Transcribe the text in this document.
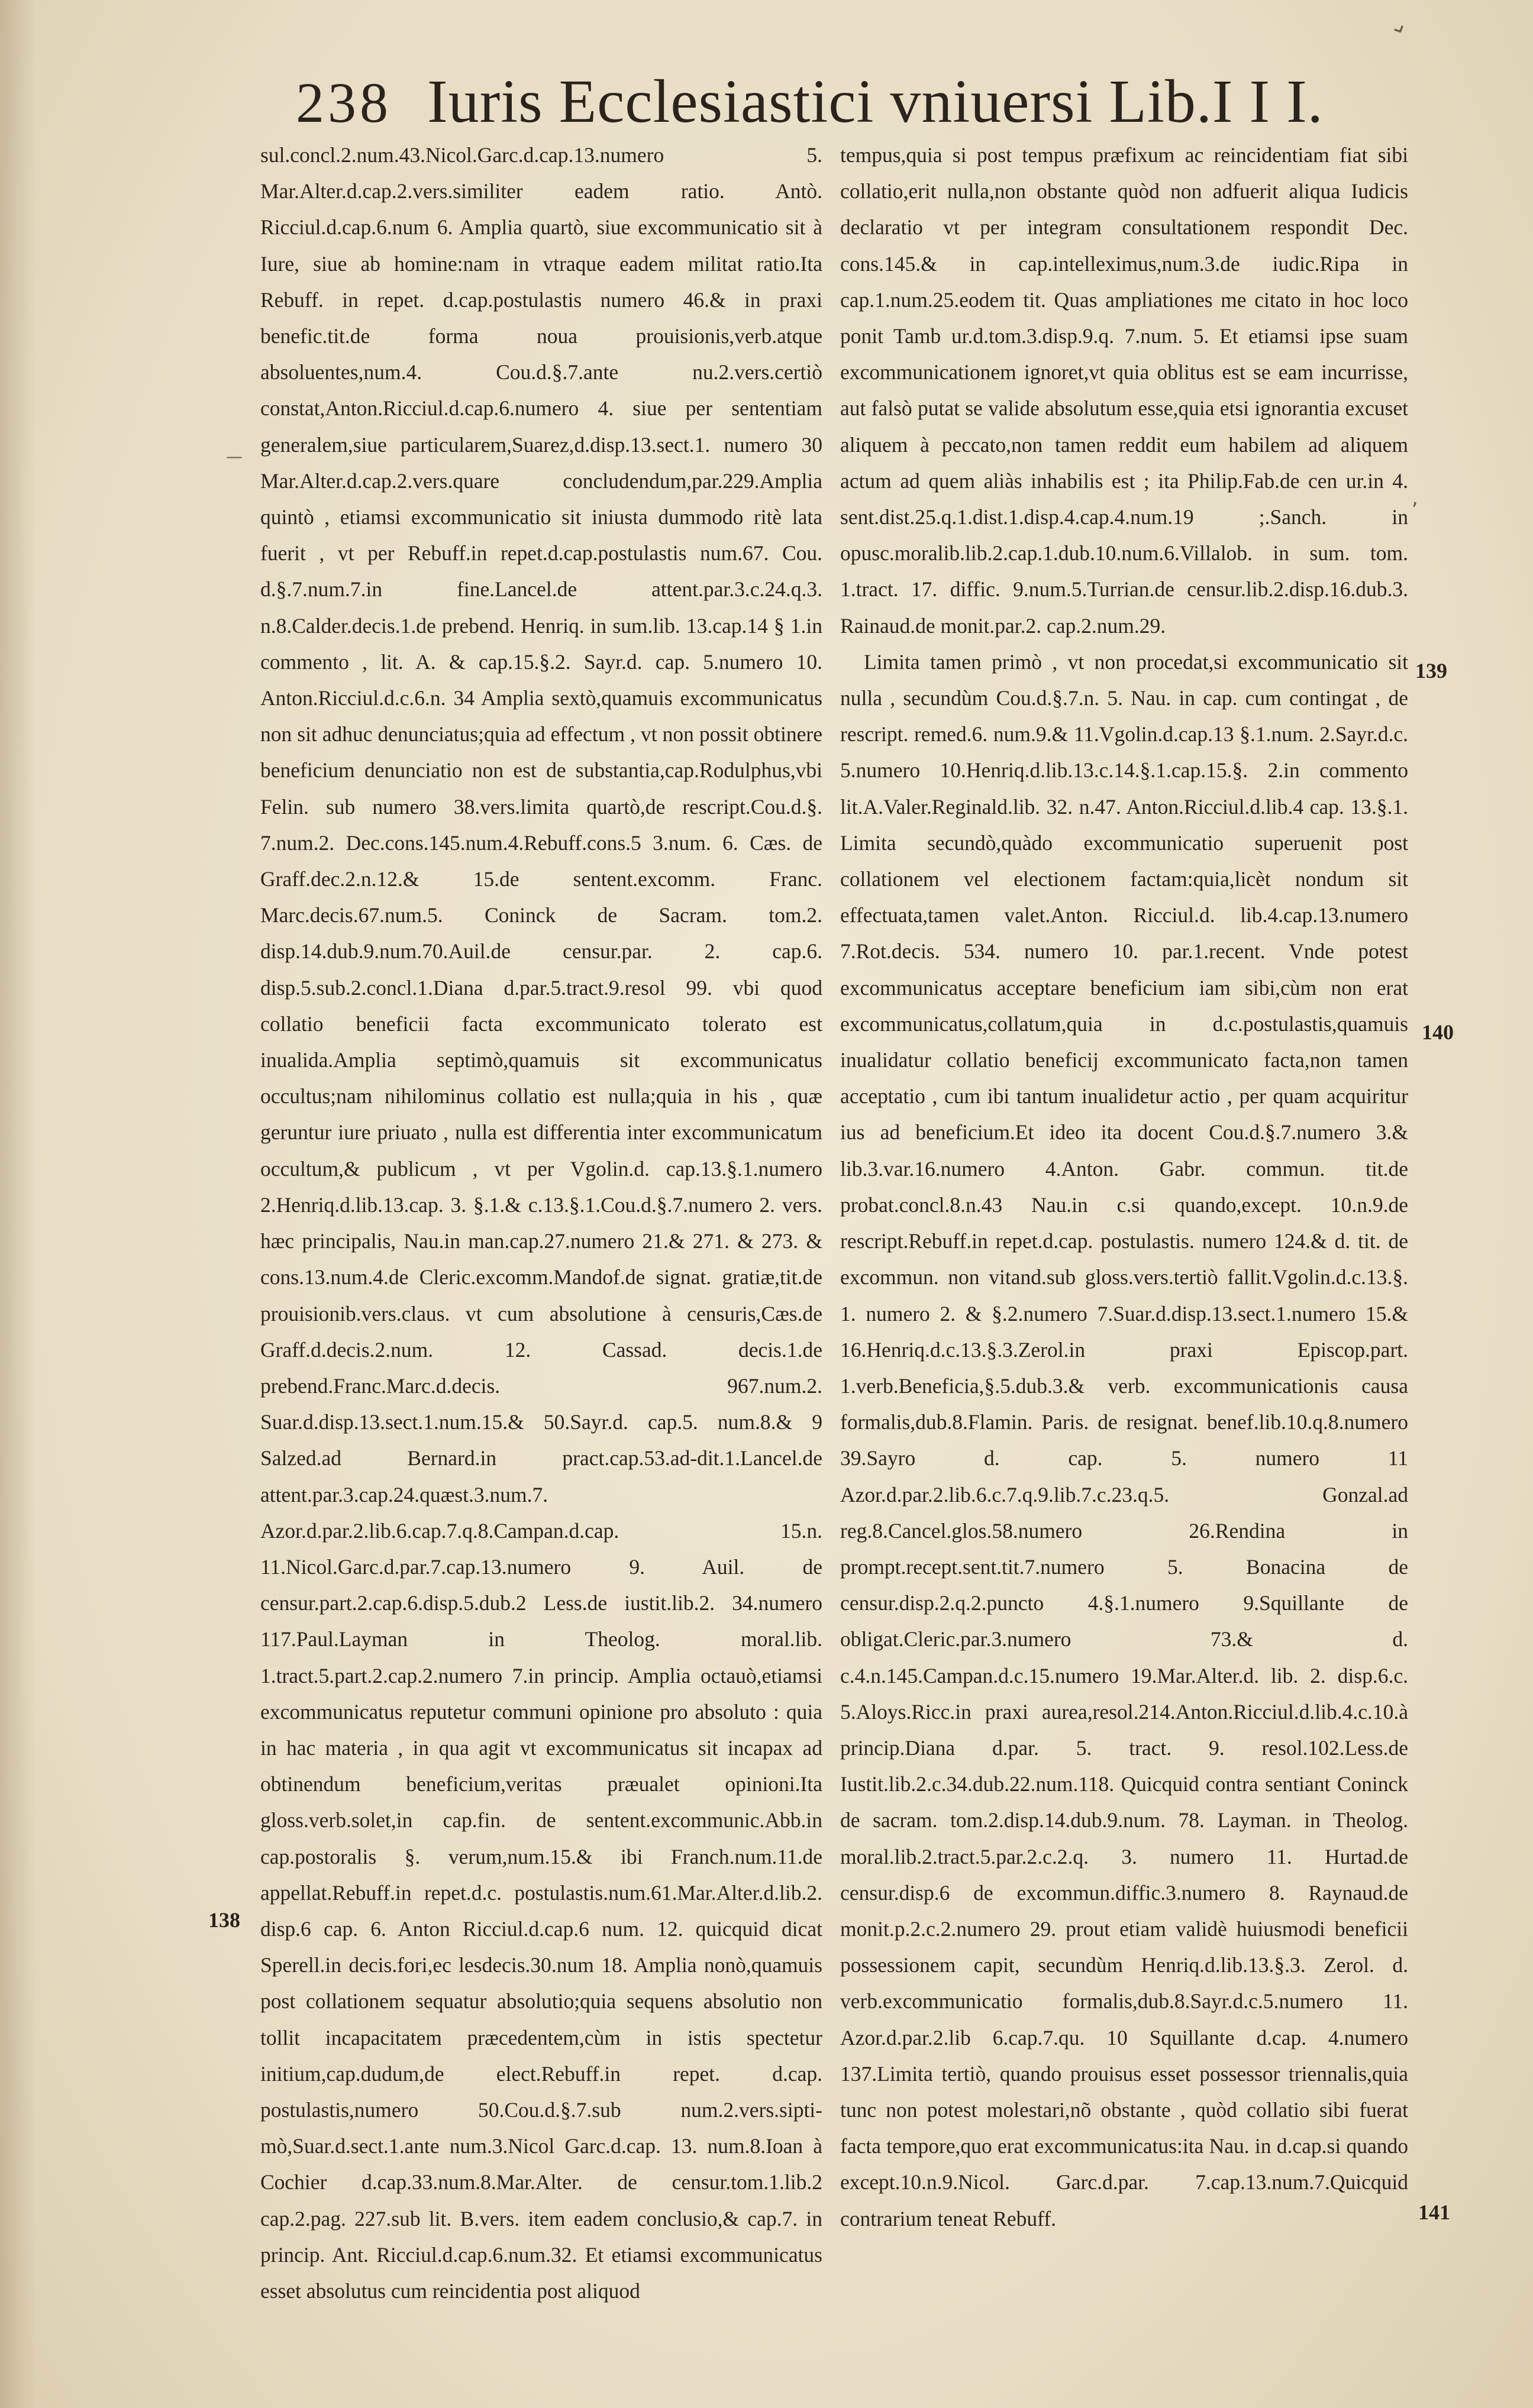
⌄
,
—
238 Iuris Ecclesiastici vniuersi Lib.I I I.

sul.concl.2.num.43.Nicol.Garc.d.cap.13.numero 5. Mar.Alter.d.cap.2.vers.similiter eadem ratio. Antò. Ricciul.d.cap.6.num 6. Amplia quartò, siue excommunicatio sit à Iure, siue ab homine:nam in vtraque eadem militat ratio.Ita Rebuff. in repet. d.cap.postulastis numero 46.& in praxi benefic.tit.de forma noua prouisionis,verb.atque absoluentes,num.4. Cou.d.§.7.ante nu.2.vers.certiò constat,Anton.Ricciul.d.cap.6.numero 4. siue per sententiam generalem,siue particularem,Suarez,d.disp.13.sect.1. numero 30 Mar.Alter.d.cap.2.vers.quare concludendum,par.229.Amplia quintò , etiamsi excommunicatio sit iniusta dummodo ritè lata fuerit , vt per Rebuff.in repet.d.cap.postulastis num.67. Cou. d.§.7.num.7.in fine.Lancel.de attent.par.3.c.24.q.3. n.8.Calder.decis.1.de prebend. Henriq. in sum.lib. 13.cap.14 § 1.in commento , lit. A. & cap.15.§.2. Sayr.d. cap. 5.numero 10. Anton.Ricciul.d.c.6.n. 34 Amplia sextò,quamuis excommunicatus non sit adhuc denunciatus;quia ad effectum , vt non possit obtinere beneficium denunciatio non est de substantia,cap.Rodulphus,vbi Felin. sub numero 38.vers.limita quartò,de rescript.Cou.d.§. 7.num.2. Dec.cons.145.num.4.Rebuff.cons.5 3.num. 6. Cæs. de Graff.dec.2.n.12.& 15.de sentent.excomm. Franc. Marc.decis.67.num.5. Coninck de Sacram. tom.2. disp.14.dub.9.num.70.Auil.de censur.par. 2. cap.6. disp.5.sub.2.concl.1.Diana d.par.5.tract.9.resol 99. vbi quod collatio beneficii facta excommunicato tolerato est inualida.Amplia septimò,quamuis sit excommunicatus occultus;nam nihilominus collatio est nulla;quia in his , quæ geruntur iure priuato , nulla est differentia inter excommunicatum occultum,& publicum , vt per Vgolin.d. cap.13.§.1.numero 2.Henriq.d.lib.13.cap. 3. §.1.& c.13.§.1.Cou.d.§.7.numero 2. vers. hæc principalis, Nau.in man.cap.27.numero 21.& 271. & 273. & cons.13.num.4.de Cleric.excomm.Mandof.de signat. gratiæ,tit.de prouisionib.vers.claus. vt cum absolutione à censuris,Cæs.de Graff.d.decis.2.num. 12. Cassad. decis.1.de prebend.Franc.Marc.d.decis. 967.num.2. Suar.d.disp.13.sect.1.num.15.& 50.Sayr.d. cap.5. num.8.& 9 Salzed.ad Bernard.in pract.cap.53.ad-dit.1.Lancel.de attent.par.3.cap.24.quæst.3.num.7. Azor.d.par.2.lib.6.cap.7.q.8.Campan.d.cap. 15.n. 11.Nicol.Garc.d.par.7.cap.13.numero 9. Auil. de censur.part.2.cap.6.disp.5.dub.2 Less.de iustit.lib.2. 34.numero 117.Paul.Layman in Theolog. moral.lib. 1.tract.5.part.2.cap.2.numero 7.in princip. Amplia octauò,etiamsi excommunicatus reputetur communi opinione pro absoluto : quia in hac materia , in qua agit vt excommunicatus sit incapax ad obtinendum beneficium,veritas præualet opinioni.Ita gloss.verb.solet,in cap.fin. de sentent.excommunic.Abb.in cap.postoralis §. verum,num.15.& ibi Franch.num.11.de appellat.Rebuff.in repet.d.c. postulastis.num.61.Mar.Alter.d.lib.2. disp.6 cap. 6. Anton Ricciul.d.cap.6 num. 12. quicquid dicat Sperell.in decis.fori,ec lesdecis.30.num 18. Amplia nonò,quamuis post collationem sequatur absolutio;quia sequens absolutio non tollit incapacitatem præcedentem,cùm in istis spectetur initium,cap.dudum,de elect.Rebuff.in repet. d.cap. postulastis,numero 50.Cou.d.§.7.sub num.2.vers.sipti-mò,Suar.d.sect.1.ante num.3.Nicol Garc.d.cap. 13. num.8.Ioan à Cochier d.cap.33.num.8.Mar.Alter. de censur.tom.1.lib.2 cap.2.pag. 227.sub lit. B.vers. item eadem conclusio,& cap.7. in princip. Ant. Ricciul.d.cap.6.num.32. Et etiamsi excommunicatus esset absolutus cum reincidentia post aliquod

tempus,quia si post tempus præfixum ac reincidentiam fiat sibi collatio,erit nulla,non obstante quòd non adfuerit aliqua Iudicis declaratio vt per integram consultationem respondit Dec. cons.145.& in cap.intelleximus,num.3.de iudic.Ripa in cap.1.num.25.eodem tit. Quas ampliationes me citato in hoc loco ponit Tamb ur.d.tom.3.disp.9.q. 7.num. 5. Et etiamsi ipse suam excommunicationem ignoret,vt quia oblitus est se eam incurrisse, aut falsò putat se valide absolutum esse,quia etsi ignorantia excuset aliquem à peccato,non tamen reddit eum habilem ad aliquem actum ad quem aliàs inhabilis est ; ita Philip.Fab.de cen ur.in 4. sent.dist.25.q.1.dist.1.disp.4.cap.4.num.19 ;.Sanch. in opusc.moralib.lib.2.cap.1.dub.10.num.6.Villalob. in sum. tom. 1.tract. 17. diffic. 9.num.5.Turrian.de censur.lib.2.disp.16.dub.3. Rainaud.de monit.par.2. cap.2.num.29.

Limita tamen primò , vt non procedat,si excommunicatio sit nulla , secundùm Cou.d.§.7.n. 5. Nau. in cap. cum contingat , de rescript. remed.6. num.9.& 11.Vgolin.d.cap.13 §.1.num. 2.Sayr.d.c. 5.numero 10.Henriq.d.lib.13.c.14.§.1.cap.15.§. 2.in commento lit.A.Valer.Reginald.lib. 32. n.47. Anton.Ricciul.d.lib.4 cap. 13.§.1. Limita secundò,quàdo excommunicatio superuenit post collationem vel electionem factam:quia,licèt nondum sit effectuata,tamen valet.Anton. Ricciul.d. lib.4.cap.13.numero 7.Rot.decis. 534. numero 10. par.1.recent. Vnde potest excommunicatus acceptare beneficium iam sibi,cùm non erat excommunicatus,collatum,quia in d.c.postulastis,quamuis inualidatur collatio beneficij excommunicato facta,non tamen acceptatio , cum ibi tantum inualidetur actio , per quam acquiritur ius ad beneficium.Et ideo ita docent Cou.d.§.7.numero 3.& lib.3.var.16.numero 4.Anton. Gabr. commun. tit.de probat.concl.8.n.43 Nau.in c.si quando,except. 10.n.9.de rescript.Rebuff.in repet.d.cap. postulastis. numero 124.& d. tit. de excommun. non vitand.sub gloss.vers.tertiò fallit.Vgolin.d.c.13.§. 1. numero 2. & §.2.numero 7.Suar.d.disp.13.sect.1.numero 15.& 16.Henriq.d.c.13.§.3.Zerol.in praxi Episcop.part. 1.verb.Beneficia,§.5.dub.3.& verb. excommunicationis causa formalis,dub.8.Flamin. Paris. de resignat. benef.lib.10.q.8.numero 39.Sayro d. cap. 5. numero 11 Azor.d.par.2.lib.6.c.7.q.9.lib.7.c.23.q.5. Gonzal.ad reg.8.Cancel.glos.58.numero 26.Rendina in prompt.recept.sent.tit.7.numero 5. Bonacina de censur.disp.2.q.2.puncto 4.§.1.numero 9.Squillante de obligat.Cleric.par.3.numero 73.& d. c.4.n.145.Campan.d.c.15.numero 19.Mar.Alter.d. lib. 2. disp.6.c. 5.Aloys.Ricc.in praxi aurea,resol.214.Anton.Ricciul.d.lib.4.c.10.à princip.Diana d.par. 5. tract. 9. resol.102.Less.de Iustit.lib.2.c.34.dub.22.num.118. Quicquid contra sentiant Coninck de sacram. tom.2.disp.14.dub.9.num. 78. Layman. in Theolog. moral.lib.2.tract.5.par.2.c.2.q. 3. numero 11. Hurtad.de censur.disp.6 de excommun.diffic.3.numero 8. Raynaud.de monit.p.2.c.2.numero 29. prout etiam validè huiusmodi beneficii possessionem capit, secundùm Henriq.d.lib.13.§.3. Zerol. d. verb.excommunicatio formalis,dub.8.Sayr.d.c.5.numero 11. Azor.d.par.2.lib 6.cap.7.qu. 10 Squillante d.cap. 4.numero 137.Limita tertiò, quando prouisus esset possessor triennalis,quia tunc non potest molestari,nõ obstante , quòd collatio sibi fuerat facta tempore,quo erat excommunicatus:ita Nau. in d.cap.si quando except.10.n.9.Nicol. Garc.d.par. 7.cap.13.num.7.Quicquid contrarium teneat Rebuff.

139
140
141
138
